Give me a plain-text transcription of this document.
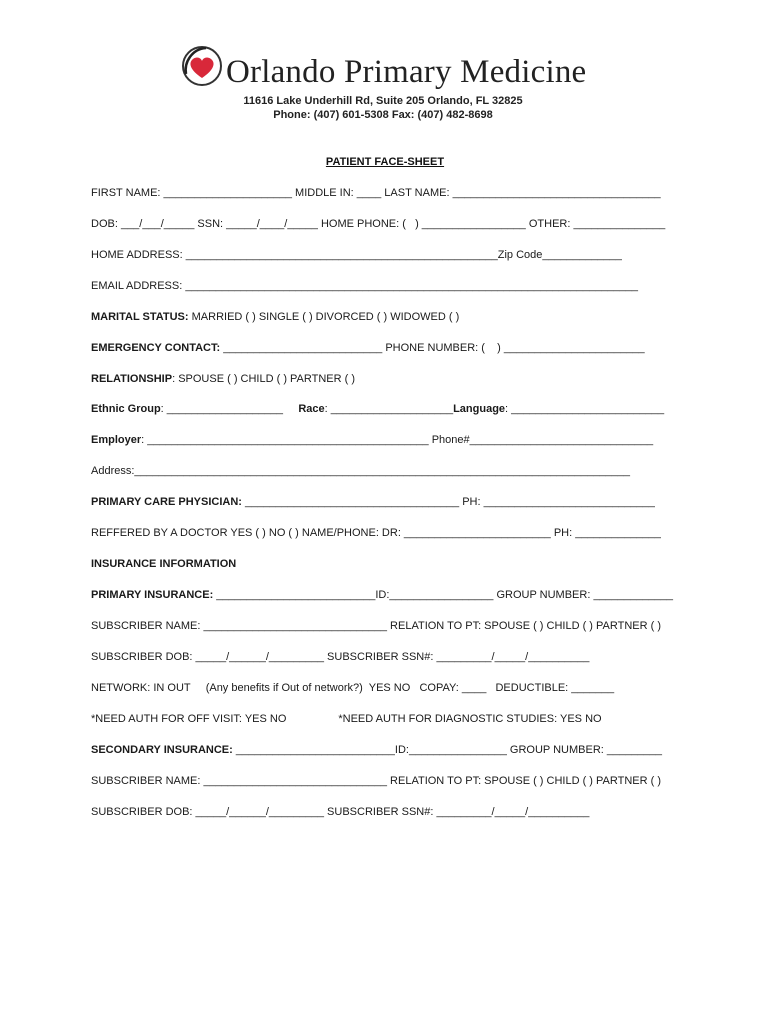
Orlando Primary Medicine
11616 Lake Underhill Rd, Suite 205 Orlando, FL 32825
Phone: (407) 601-5308 Fax: (407) 482-8698
PATIENT FACE-SHEET
FIRST NAME: _____________________ MIDDLE IN: ____ LAST NAME: __________________________________
DOB: ___/___/_____ SSN: _____/____/_____ HOME PHONE: (   ) _________________ OTHER: _______________
HOME ADDRESS: ___________________________________________________Zip Code_____________
EMAIL ADDRESS: __________________________________________________________________________
MARITAL STATUS: MARRIED ( ) SINGLE ( ) DIVORCED ( ) WIDOWED ( )
EMERGENCY CONTACT: __________________________ PHONE NUMBER: (    ) _______________________
RELATIONSHIP: SPOUSE ( ) CHILD ( ) PARTNER ( )
Ethnic Group: ___________________     Race: ____________________Language: _________________________
Employer: ______________________________________________ Phone#______________________________
Address:_________________________________________________________________________________
PRIMARY CARE PHYSICIAN: ___________________________________ PH: ____________________________
REFFERED BY A DOCTOR YES ( ) NO ( ) NAME/PHONE: DR: ________________________ PH: ______________
INSURANCE INFORMATION
PRIMARY INSURANCE: __________________________ID:_________________ GROUP NUMBER: _____________
SUBSCRIBER NAME: ______________________________ RELATION TO PT: SPOUSE ( ) CHILD ( ) PARTNER ( )
SUBSCRIBER DOB: _____/______/_________ SUBSCRIBER SSN#: _________/_____/__________
NETWORK: IN OUT     (Any benefits if Out of network?)  YES NO   COPAY: ____   DEDUCTIBLE: _______
*NEED AUTH FOR OFF VISIT: YES NO                 *NEED AUTH FOR DIAGNOSTIC STUDIES: YES NO
SECONDARY INSURANCE: __________________________ID:________________ GROUP NUMBER: _________
SUBSCRIBER NAME: ______________________________ RELATION TO PT: SPOUSE ( ) CHILD ( ) PARTNER ( )
SUBSCRIBER DOB: _____/______/_________ SUBSCRIBER SSN#: _________/_____/__________
